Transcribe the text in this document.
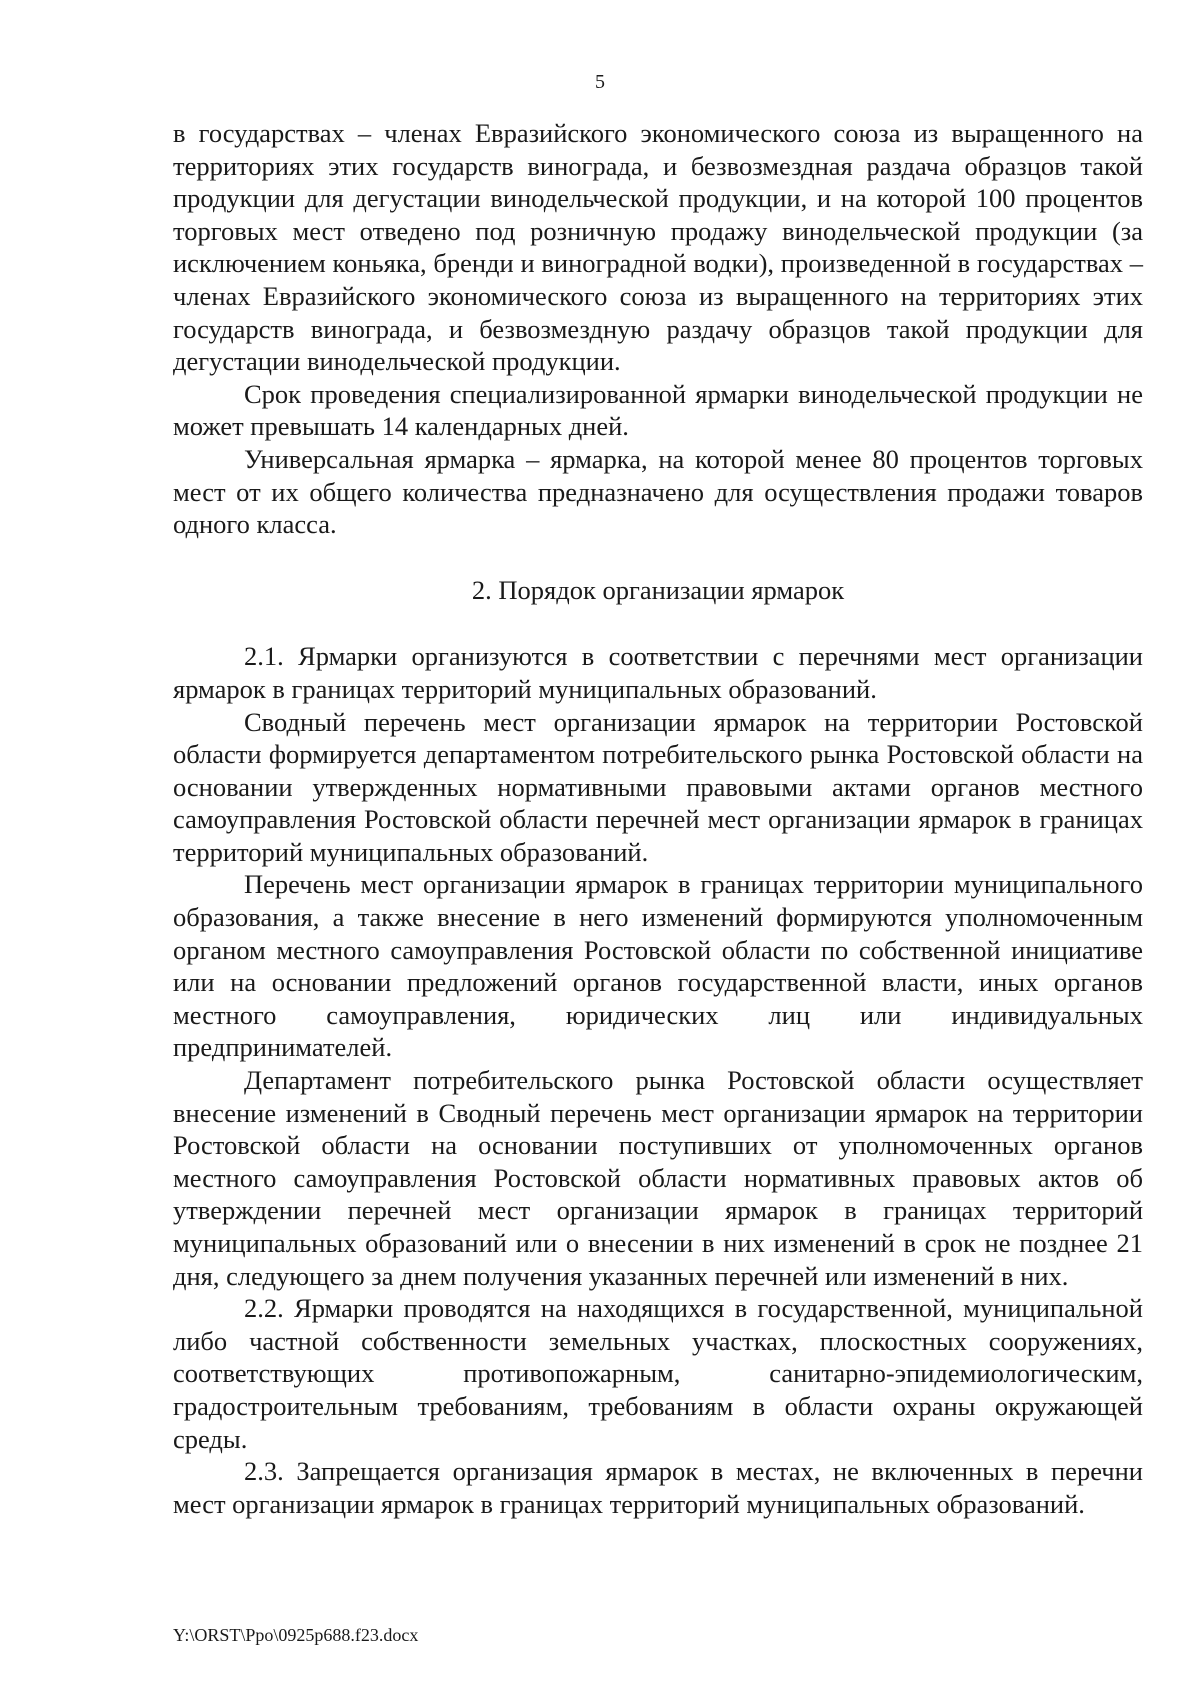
5

в государствах – членах Евразийского экономического союза из выращенного на территориях этих государств винограда, и безвозмездная раздача образцов такой продукции для дегустации винодельческой продукции, и на которой 100 процентов торговых мест отведено под розничную продажу винодельческой продукции (за исключением коньяка, бренди и виноградной водки), произведенной в государствах – членах Евразийского экономического союза из выращенного на территориях этих государств винограда, и безвозмездную раздачу образцов такой продукции для дегустации винодельческой продукции.

Срок проведения специализированной ярмарки винодельческой продукции не может превышать 14 календарных дней.

Универсальная ярмарка – ярмарка, на которой менее 80 процентов торговых мест от их общего количества предназначено для осуществления продажи товаров одного класса.

2. Порядок организации ярмарок

2.1. Ярмарки организуются в соответствии с перечнями мест организации ярмарок в границах территорий муниципальных образований.

Сводный перечень мест организации ярмарок на территории Ростовской области формируется департаментом потребительского рынка Ростовской области на основании утвержденных нормативными правовыми актами органов местного самоуправления Ростовской области перечней мест организации ярмарок в границах территорий муниципальных образований.

Перечень мест организации ярмарок в границах территории муниципального образования, а также внесение в него изменений формируются уполномоченным органом местного самоуправления Ростовской области по собственной инициативе или на основании предложений органов государственной власти, иных органов местного самоуправления, юридических лиц или индивидуальных предпринимателей.

Департамент потребительского рынка Ростовской области осуществляет внесение изменений в Сводный перечень мест организации ярмарок на территории Ростовской области на основании поступивших от уполномоченных органов местного самоуправления Ростовской области нормативных правовых актов об утверждении перечней мест организации ярмарок в границах территорий муниципальных образований или о внесении в них изменений в срок не позднее 21 дня, следующего за днем получения указанных перечней или изменений в них.

2.2. Ярмарки проводятся на находящихся в государственной, муниципальной либо частной собственности земельных участках, плоскостных сооружениях, соответствующих противопожарным, санитарно-эпидемиологическим, градостроительным требованиям, требованиям в области охраны окружающей среды.

2.3. Запрещается организация ярмарок в местах, не включенных в перечни мест организации ярмарок в границах территорий муниципальных образований.

Y:\ORST\Ppo\0925p688.f23.docx
